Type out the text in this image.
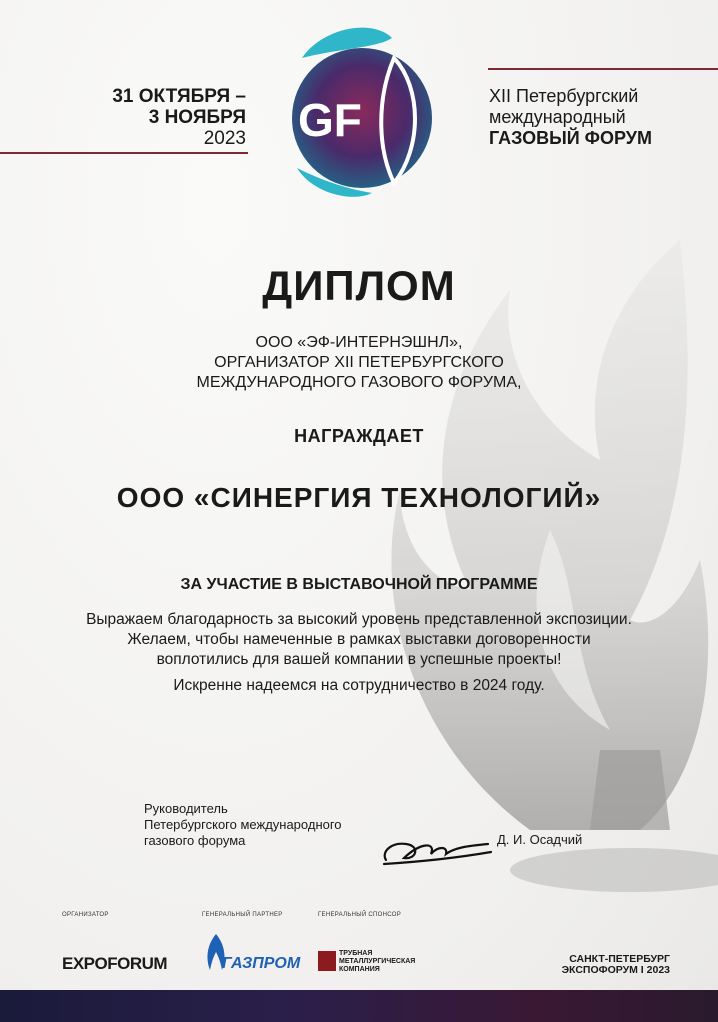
31 ОКТЯБРЯ –
3 НОЯБРЯ
2023 GF	XII Петербургский
международный
ГАЗОВЫЙ ФОРУМ
ДИПЛОМ
ООО «ЭФ-ИНТЕРНЭШНЛ»,
ОРГАНИЗАТОР XII ПЕТЕРБУРГСКОГО
МЕЖДУНАРОДНОГО ГАЗОВОГО ФОРУМА,
НАГРАЖДАЕТ
ООО «СИНЕРГИЯ ТЕХНОЛОГИЙ»
ЗА УЧАСТИЕ В ВЫСТАВОЧНОЙ ПРОГРАММЕ
Выражаем благодарность за высокий уровень представленной экспозиции.
Желаем, чтобы намеченные в рамках выставки договоренности
воплотились для вашей компании в успешные проекты!
Искренне надеемся на сотрудничество в 2024 году.
Руководитель
Петербургского международного
газового форума	Д. И. Осадчий
ОРГАНИЗАТОР	ГЕНЕРАЛЬНЫЙ ПАРТНЕР	ГЕНЕРАЛЬНЫЙ СПОНСОР
EXPOFORUM	ГАЗПРОМ
ТРУБНАЯ
МЕТАЛЛУРГИЧЕСКАЯ
КОМПАНИЯ
САНКТ-ПЕТЕРБУРГ
ЭКСПОФОРУМ I 2023
